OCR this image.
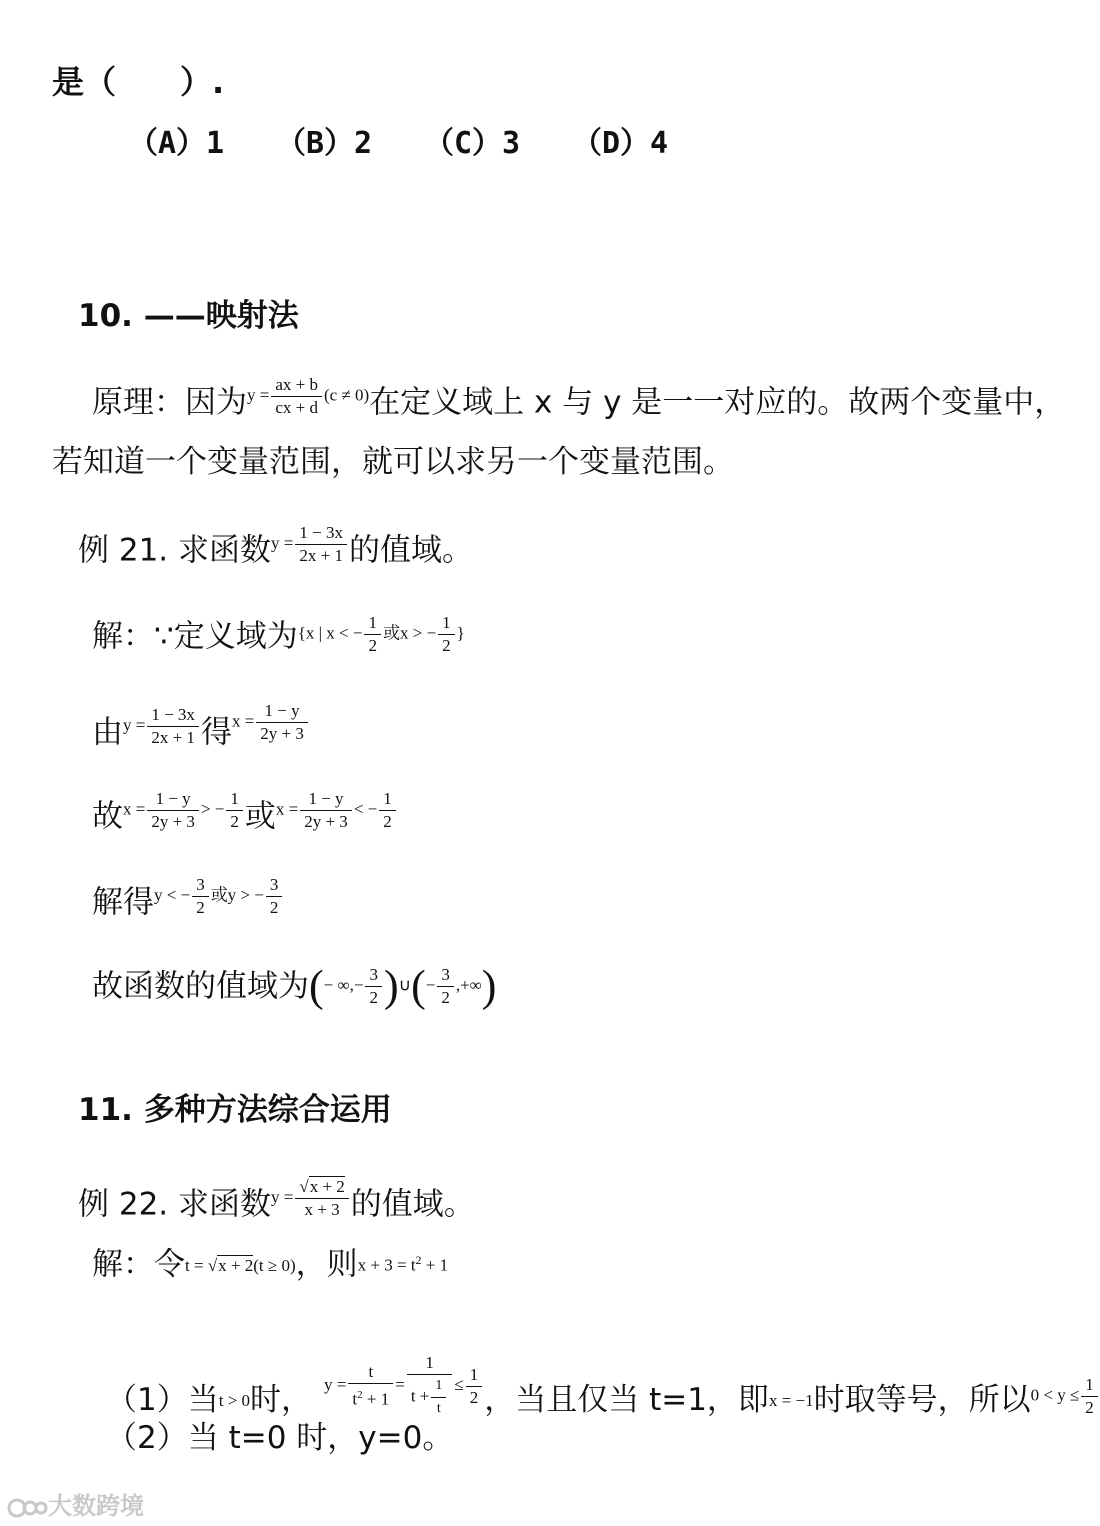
是（　　）.
（A）1 （B）2 （C）3 （D）4
10. ——映射法
原理：因为$y = \frac{ax + b}{cx + d} (c \ne 0)$在定义域上 x 与 y 是一一对应的。故两个变量中，
若知道一个变量范围，就可以求另一个变量范围。
例 21. 求函数$y = \frac{1 - 3x}{2x + 1}$ 的值域。
解：∵定义域为{x | x < − $\frac{1}{2}$ 或x > − $\frac{1}{2}$ }
由$y = \frac{1 - 3x}{2x + 1}$ 得$x = \frac{1 - y}{2y + 3}$
故$x = \frac{1 - y}{2y + 3}$ > − $\frac{1}{2}$ 或$x = \frac{1 - y}{2y + 3}$ < − $\frac{1}{2}$
解得y < − $\frac{3}{2}$ 或y > − $\frac{3}{2}$
故函数的值域为(− ∞,− $\frac{3}{2}$ )∪(− $\frac{3}{2}$ ,+∞)
11. 多种方法综合运用
例 22. 求函数$y = \frac{√x + 2}{x + 3}$ 的值域。
解：令t = √x + 2(t ≥ 0)，则$x + 3 = t^2 + 1$
（1）当t > 0时， $y = \frac{t}{t^2 + 1} = \frac{1}{t + \frac{1}{t}} \le \frac{1}{2}$ ，当且仅当 t=1，即x = −1时取等号，所以$0 < y \le \frac{1}{2}$
（2）当 t=0 时，y=0。
大数跨境
